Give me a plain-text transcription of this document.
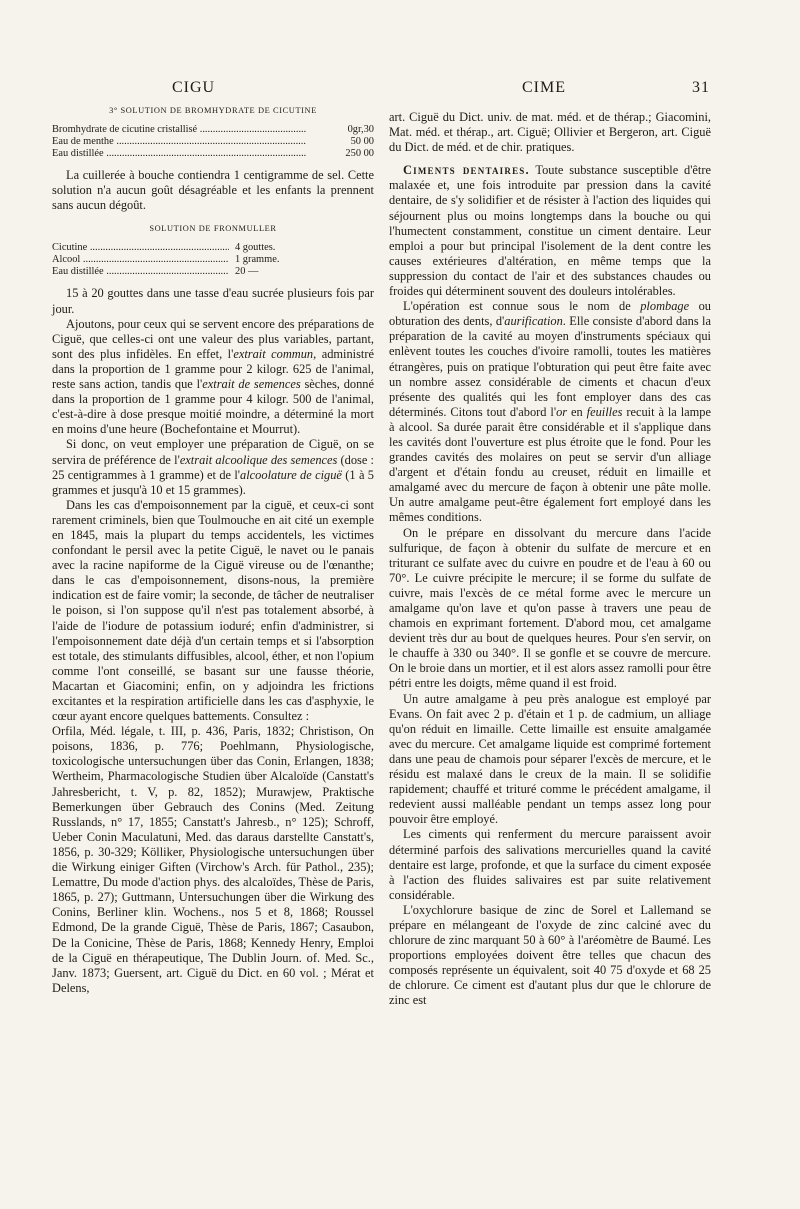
CIGU	CIME	31
3° SOLUTION DE BROMHYDRATE DE CICUTINE
Bromhydrate de cicutine cristallisé .....	0gr,30
Eau de menthe .....	50 00
Eau distillée .....	250 00

La cuillerée à bouche contiendra 1 centigramme de sel. Cette solution n'a aucun goût désagréable et les enfants la prennent sans aucun dégoût.

SOLUTION DE FRONMULLER
Cicutine .....	4 gouttes.
Alcool .....	1 gramme.
Eau distillée .....	20 —

15 à 20 gouttes dans une tasse d'eau sucrée plusieurs fois par jour.

Ajoutons, pour ceux qui se servent encore des préparations de Ciguë, que celles-ci ont une valeur des plus variables, partant, sont des plus infidèles. En effet, l'extrait commun, administré dans la proportion de 1 gramme pour 2 kilogr. 625 de l'animal, reste sans action, tandis que l'extrait de semences sèches, donné dans la proportion de 1 gramme pour 4 kilogr. 500 de l'animal, c'est-à-dire à dose presque moitié moindre, a déterminé la mort en moins d'une heure (Bochefontaine et Mourrut).

Si donc, on veut employer une préparation de Ciguë, on se servira de préférence de l'extrait alcoolique des semences (dose : 25 centigrammes à 1 gramme) et de l'alcoolature de ciguë (1 à 5 grammes et jusqu'à 10 et 15 grammes).

Dans les cas d'empoisonnement par la ciguë, et ceux-ci sont rarement criminels, bien que Toulmouche en ait cité un exemple en 1845, mais la plupart du temps accidentels, les victimes confondant le persil avec la petite Ciguë, le navet ou le panais avec la racine napiforme de la Ciguë vireuse ou de l'œnanthe; dans le cas d'empoisonnement, disons-nous, la première indication est de faire vomir; la seconde, de tâcher de neutraliser le poison, si l'on suppose qu'il n'est pas totalement absorbé, à l'aide de l'iodure de potassium ioduré; enfin d'administrer, si l'empoisonnement date déjà d'un certain temps et si l'absorption est totale, des stimulants diffusibles, alcool, éther, et non l'opium comme l'ont conseillé, se basant sur une fausse théorie, Macartan et Giacomini; enfin, on y adjoindra les frictions excitantes et la respiration artificielle dans les cas d'asphyxie, le cœur ayant encore quelques battements. Consultez :

Orfila, Méd. légale, t. III, p. 436, Paris, 1832; Christison, On poisons, 1836, p. 776; Poehlmann, Physiologische, toxicologische untersuchungen über das Conin, Erlangen, 1838; Wertheim, Pharmacologische Studien über Alcaloïde (Canstatt's Jahresbericht, t. V, p. 82, 1852); Murawjew, Praktische Bemerkungen über Gebrauch des Conins (Med. Zeitung Russlands, n° 17, 1855; Canstatt's Jahresb., n° 125); Schroff, Ueber Conin Maculatuni, Med. das daraus darstellte Canstatt's, 1856, p. 30-329; Kölliker, Physiologische untersuchungen über die Wirkung einiger Giften (Virchow's Arch. für Pathol., 235); Lemattre, Du mode d'action phys. des alcaloïdes, Thèse de Paris, 1865, p. 27); Guttmann, Untersuchungen über die Wirkung des Conins, Berliner klin. Wochens., nos 5 et 8, 1868; Roussel Edmond, De la grande Ciguë, Thèse de Paris, 1867; Casaubon, De la Conicine, Thèse de Paris, 1868; Kennedy Henry, Emploi de la Ciguë en thérapeutique, The Dublin Journ. of. Med. Sc., Janv. 1873; Guersent, art. Ciguë du Dict. en 60 vol. ; Mérat et Delens,

art. Ciguë du Dict. univ. de mat. méd. et de thérap.; Giacomini, Mat. méd. et thérap., art. Ciguë; Ollivier et Bergeron, art. Ciguë du Dict. de méd. et de chir. pratiques.

Ciments dentaires. Toute substance susceptible d'être malaxée et, une fois introduite par pression dans la cavité dentaire, de s'y solidifier et de résister à l'action des liquides qui séjournent plus ou moins longtemps dans la bouche ou qui l'humectent constamment, constitue un ciment dentaire. Leur emploi a pour but principal l'isolement de la dent contre les causes extérieures d'altération, en même temps que la suppression du contact de l'air et des substances chaudes ou froides qui déterminent souvent des douleurs intolérables.

L'opération est connue sous le nom de plombage ou obturation des dents, d'aurification. Elle consiste d'abord dans la préparation de la cavité au moyen d'instruments spéciaux qui enlèvent toutes les couches d'ivoire ramolli, toutes les matières étrangères, puis on pratique l'obturation qui peut être faite avec un nombre assez considérable de ciments et chacun d'eux présente des qualités qui les font employer dans des cas déterminés. Citons tout d'abord l'or en feuilles recuit à la lampe à alcool. Sa durée parait être considérable et il s'applique dans les cavités dont l'ouverture est plus étroite que le fond. Pour les grandes cavités des molaires on peut se servir d'un alliage d'argent et d'étain fondu au creuset, réduit en limaille et amalgamé avec du mercure de façon à obtenir une pâte molle. Un autre amalgame peut-être également fort employé dans les mêmes conditions.

On le prépare en dissolvant du mercure dans l'acide sulfurique, de façon à obtenir du sulfate de mercure et en triturant ce sulfate avec du cuivre en poudre et de l'eau à 60 ou 70°. Le cuivre précipite le mercure; il se forme du sulfate de cuivre, mais l'excès de ce métal forme avec le mercure un amalgame qu'on lave et qu'on passe à travers une peau de chamois en exprimant fortement. D'abord mou, cet amalgame devient très dur au bout de quelques heures. Pour s'en servir, on le chauffe à 330 ou 340°. Il se gonfle et se couvre de mercure. On le broie dans un mortier, et il est alors assez ramolli pour être pétri entre les doigts, même quand il est froid.

Un autre amalgame à peu près analogue est employé par Evans. On fait avec 2 p. d'étain et 1 p. de cadmium, un alliage qu'on réduit en limaille. Cette limaille est ensuite amalgamée avec du mercure. Cet amalgame liquide est comprimé fortement dans une peau de chamois pour séparer l'excès de mercure, et le résidu est malaxé dans le creux de la main. Il se solidifie rapidement; chauffé et trituré comme le précédent amalgame, il redevient aussi malléable pendant un temps assez long pour pouvoir être employé.

Les ciments qui renferment du mercure paraissent avoir déterminé parfois des salivations mercurielles quand la cavité dentaire est large, profonde, et que la surface du ciment exposée à l'action des fluides salivaires est par suite relativement considérable.

L'oxychlorure basique de zinc de Sorel et Lallemand se prépare en mélangeant de l'oxyde de zinc calciné avec du chlorure de zinc marquant 50 à 60° à l'aréomètre de Baumé. Les proportions employées doivent être telles que chacun des composés représente un équivalent, soit 40 75 d'oxyde et 68 25 de chlorure. Ce ciment est d'autant plus dur que le chlorure de zinc est
